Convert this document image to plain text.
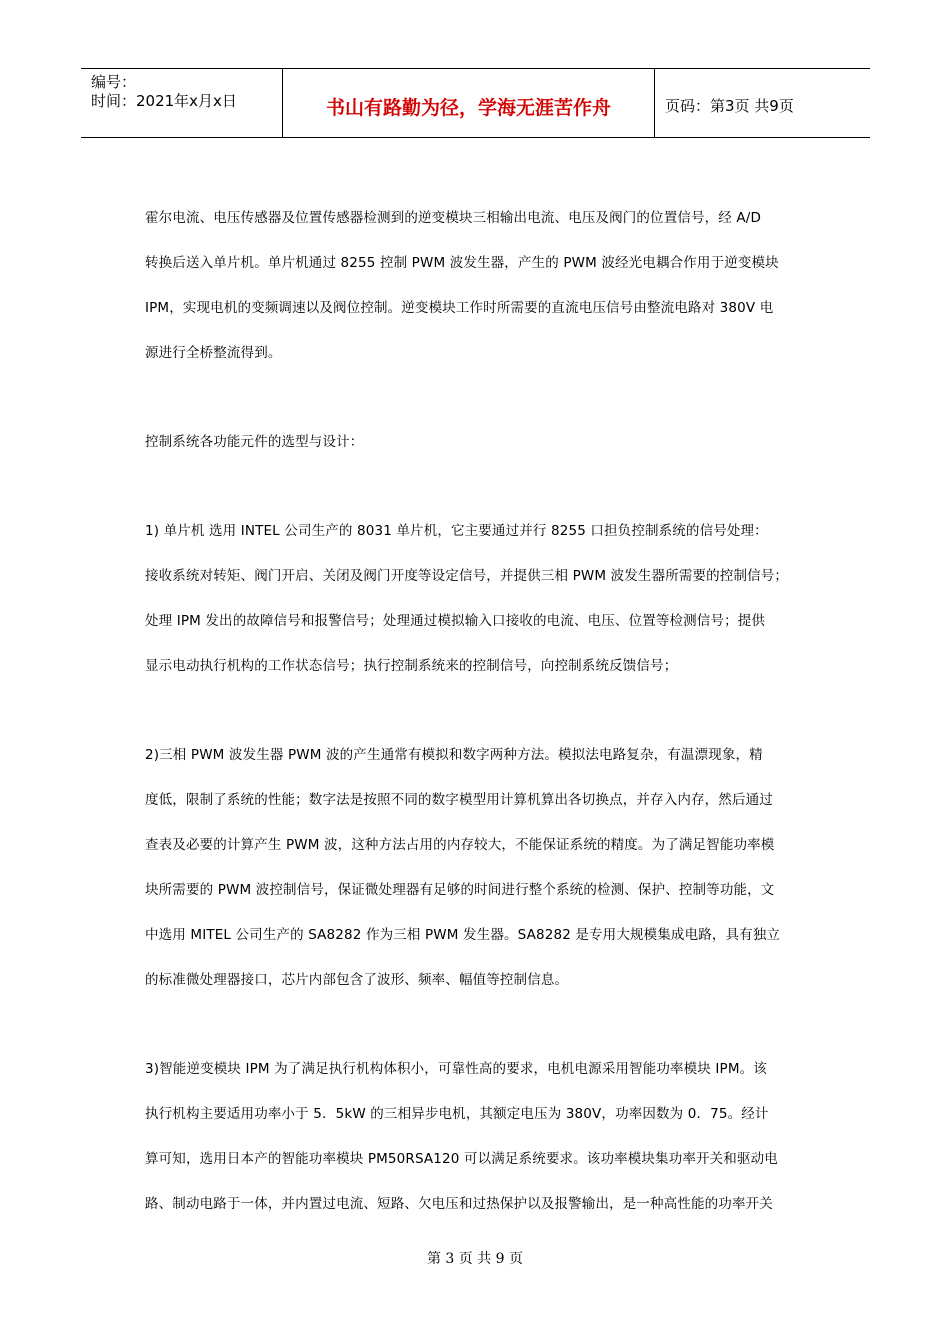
编号：
时间：2021年x月x日	书山有路勤为径，学海无涯苦作舟	页码：第3页 共9页
霍尔电流、电压传感器及位置传感器检测到的逆变模块三相输出电流、电压及阀门的位置信号，经 A/D
转换后送入单片机。单片机通过 8255 控制 PWM 波发生器，产生的 PWM 波经光电耦合作用于逆变模块
IPM，实现电机的变频调速以及阀位控制。逆变模块工作时所需要的直流电压信号由整流电路对 380V 电
源进行全桥整流得到。
控制系统各功能元件的选型与设计：
1) 单片机 选用 INTEL 公司生产的 8031 单片机，它主要通过并行 8255 口担负控制系统的信号处理：
接收系统对转矩、阀门开启、关闭及阀门开度等设定信号，并提供三相 PWM 波发生器所需要的控制信号；
处理 IPM 发出的故障信号和报警信号；处理通过模拟输入口接收的电流、电压、位置等检测信号；提供
显示电动执行机构的工作状态信号；执行控制系统来的控制信号，向控制系统反馈信号；
2)三相 PWM 波发生器 PWM 波的产生通常有模拟和数字两种方法。模拟法电路复杂，有温漂现象，精
度低，限制了系统的性能；数字法是按照不同的数字模型用计算机算出各切换点，并存入内存，然后通过
查表及必要的计算产生 PWM 波，这种方法占用的内存较大，不能保证系统的精度。为了满足智能功率模
块所需要的 PWM 波控制信号，保证微处理器有足够的时间进行整个系统的检测、保护、控制等功能，文
中选用 MITEL 公司生产的 SA8282 作为三相 PWM 发生器。SA8282 是专用大规模集成电路，具有独立
的标准微处理器接口，芯片内部包含了波形、频率、幅值等控制信息。
3)智能逆变模块 IPM 为了满足执行机构体积小，可靠性高的要求，电机电源采用智能功率模块 IPM。该
执行机构主要适用功率小于 5．5kW 的三相异步电机，其额定电压为 380V，功率因数为 0．75。经计
算可知，选用日本产的智能功率模块 PM50RSA120 可以满足系统要求。该功率模块集功率开关和驱动电
路、制动电路于一体，并内置过电流、短路、欠电压和过热保护以及报警输出，是一种高性能的功率开关
第 3 页 共 9 页
